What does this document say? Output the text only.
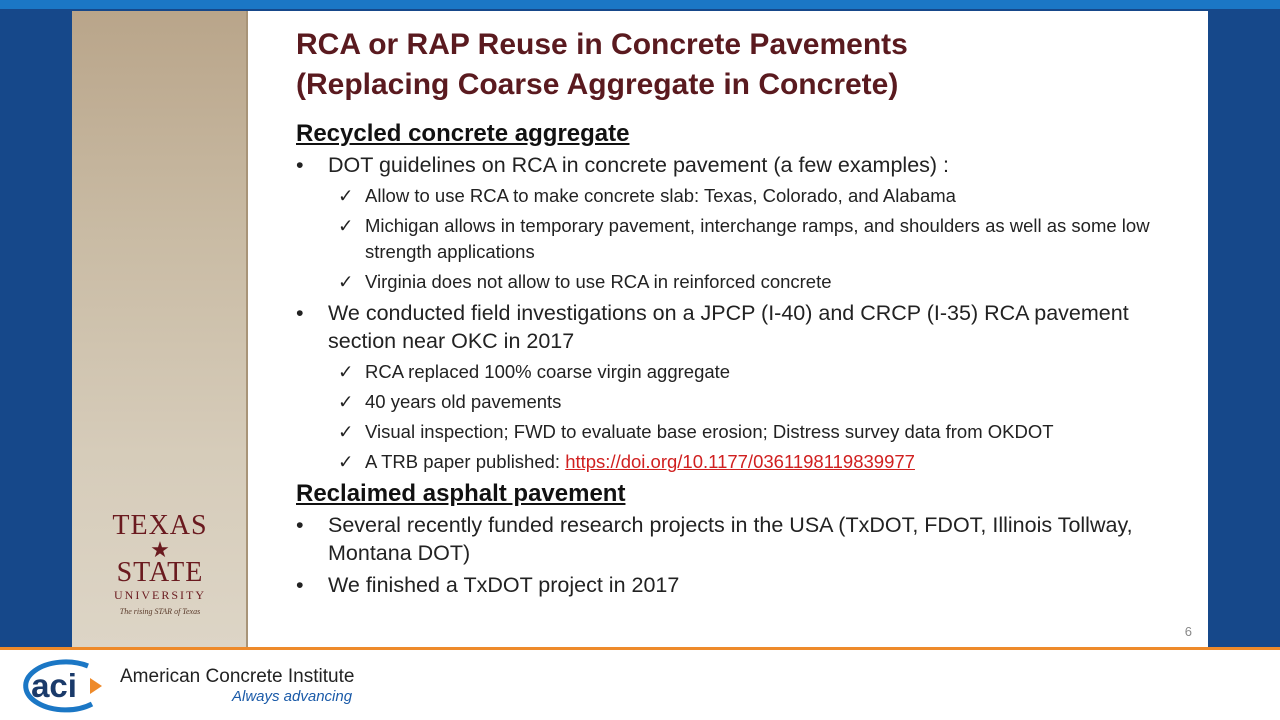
TEXAS
★
STATE
UNIVERSITY
The rising STAR of Texas
RCA or RAP Reuse in Concrete Pavements
(Replacing Coarse Aggregate in Concrete)
Recycled concrete aggregate
• DOT guidelines on RCA in concrete pavement (a few examples) :
✓ Allow to use RCA to make concrete slab: Texas, Colorado, and Alabama
✓ Michigan allows in temporary pavement, interchange ramps, and shoulders as well as some low strength applications
✓ Virginia does not allow to use RCA in reinforced concrete
• We conducted field investigations on a JPCP (I-40) and CRCP (I-35) RCA pavement section near OKC in 2017
✓ RCA replaced 100% coarse virgin aggregate
✓ 40 years old pavements
✓ Visual inspection; FWD to evaluate base erosion; Distress survey data from OKDOT
✓ A TRB paper published: https://doi.org/10.1177/0361198119839977
Reclaimed asphalt pavement
• Several recently funded research projects in the USA (TxDOT, FDOT, Illinois Tollway, Montana DOT)
• We finished a TxDOT project in 2017
6
aci American Concrete Institute
Always advancing
